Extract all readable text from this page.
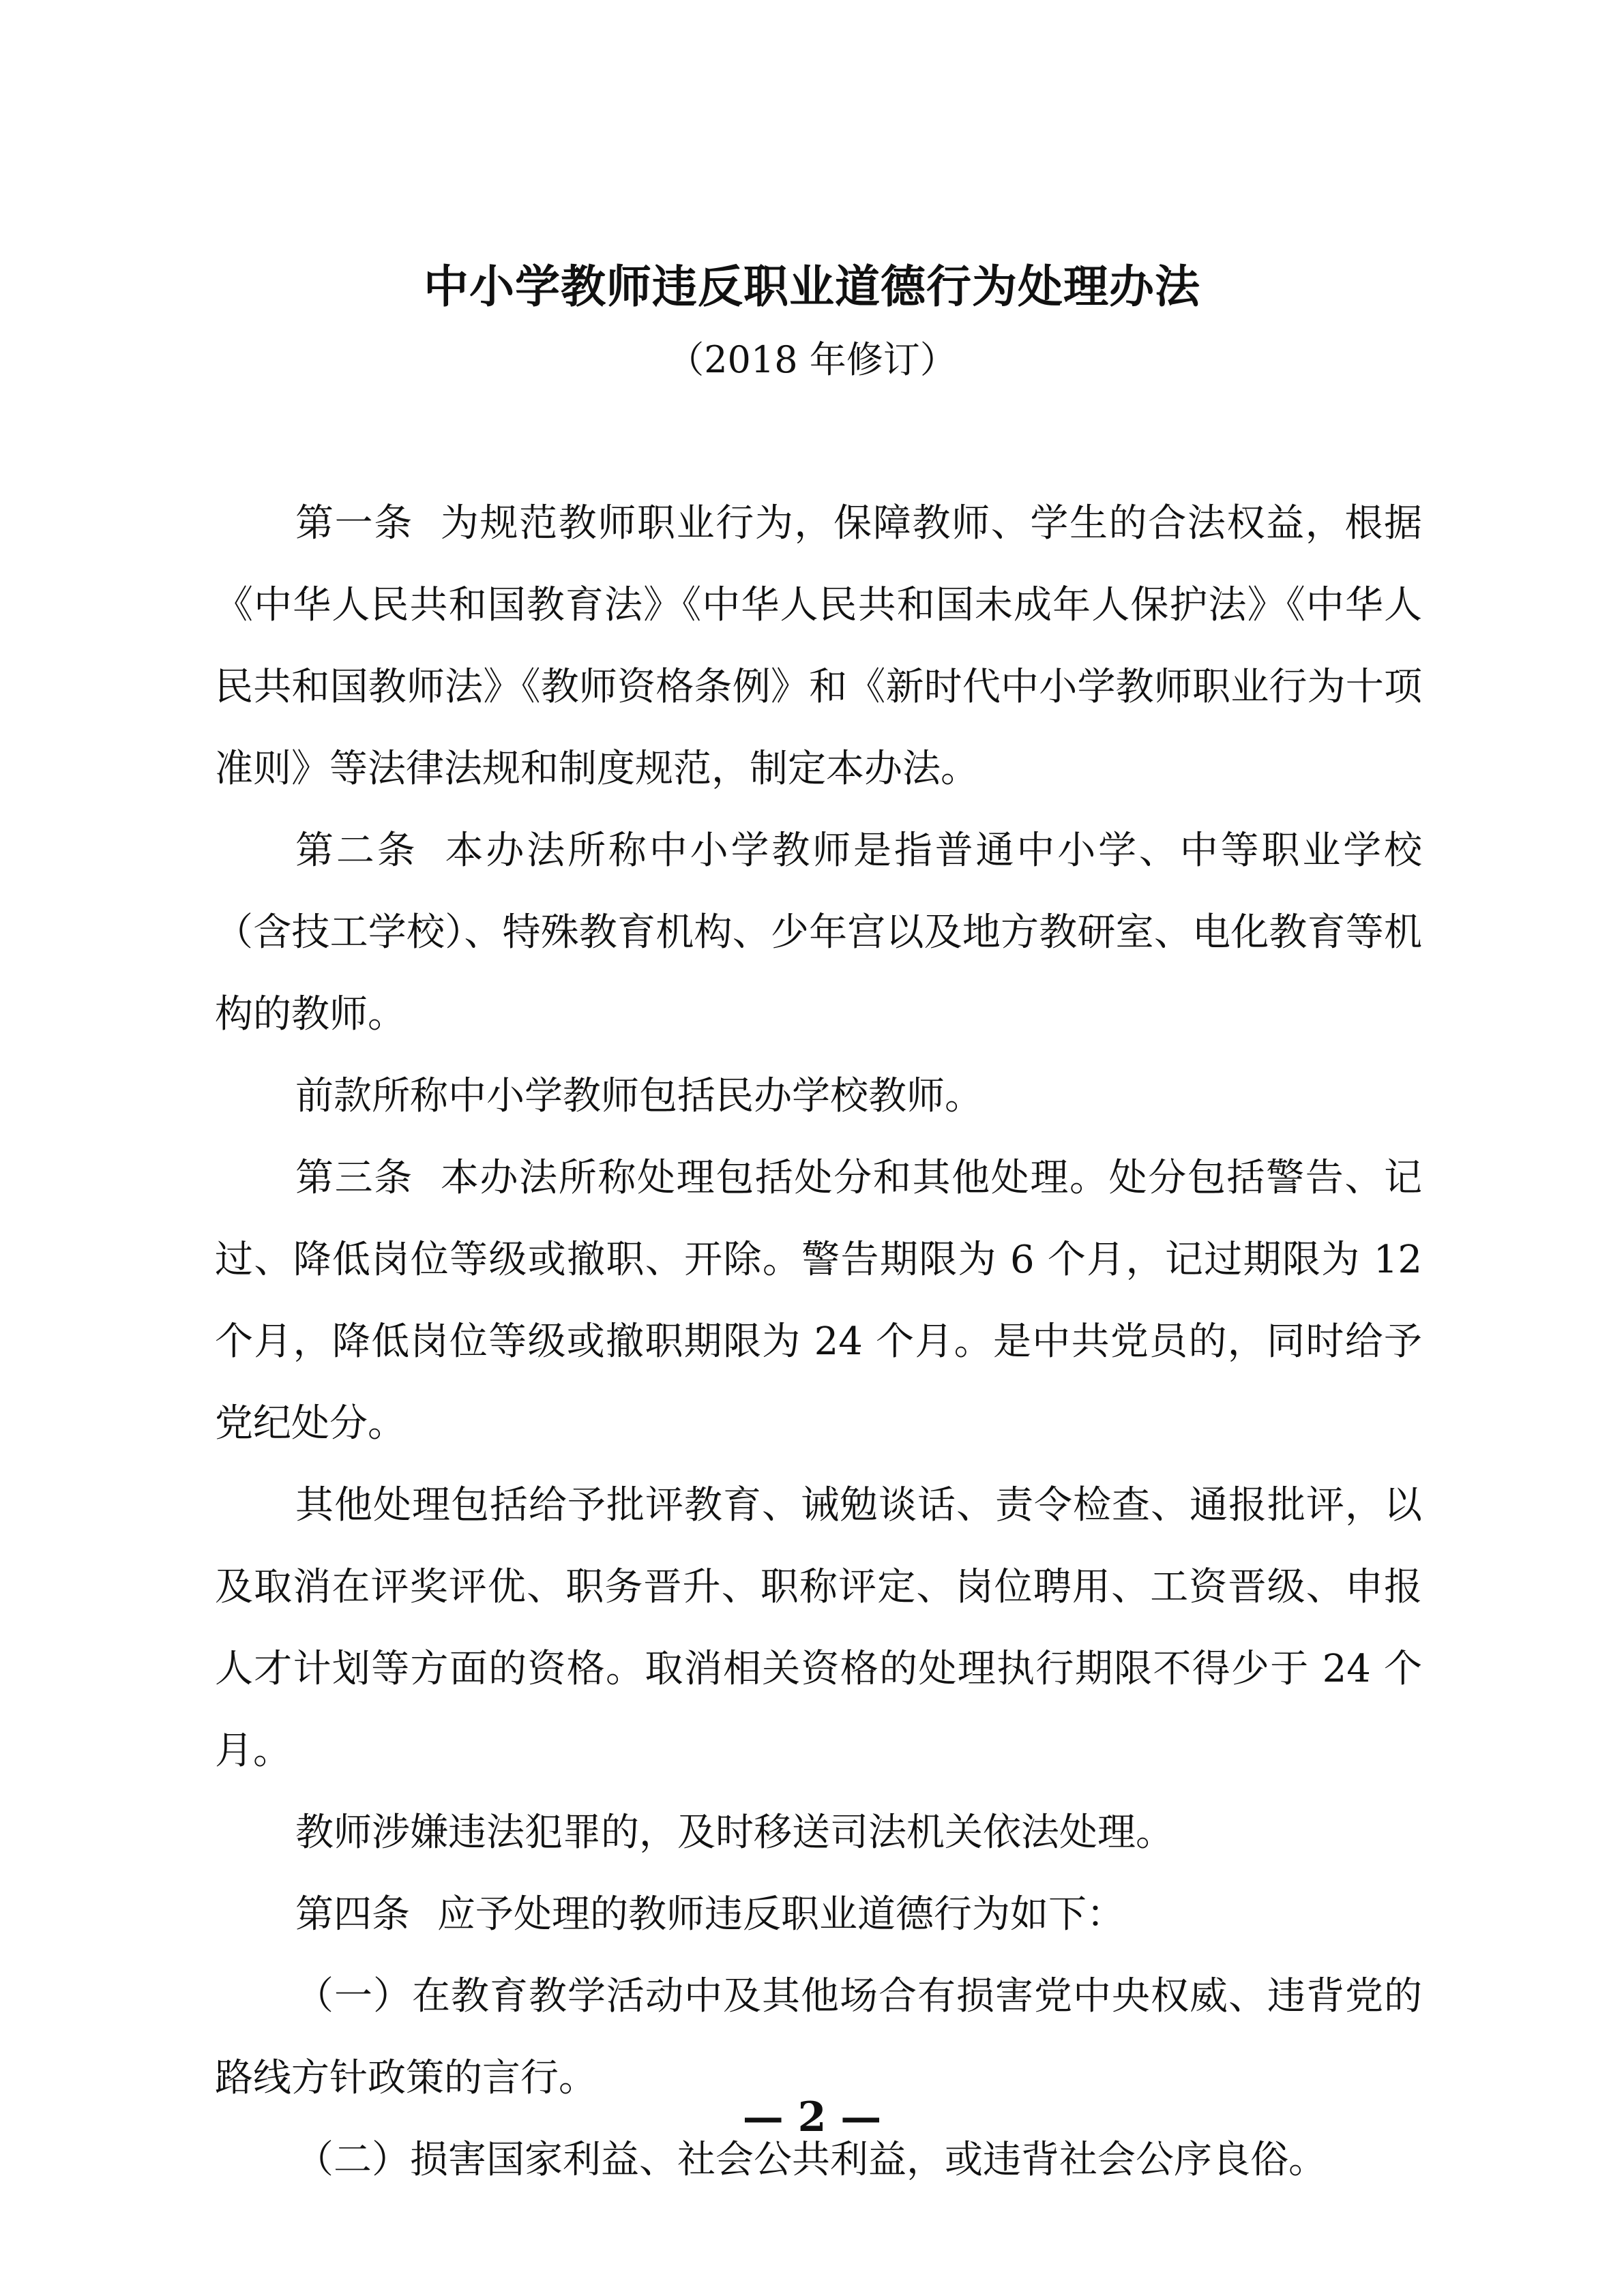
中小学教师违反职业道德行为处理办法
（2018 年修订）

第一条 为规范教师职业行为，保障教师、学生的合法权益，根据《中华人民共和国教育法》《中华人民共和国未成年人保护法》《中华人民共和国教师法》《教师资格条例》和《新时代中小学教师职业行为十项准则》等法律法规和制度规范，制定本办法。

第二条 本办法所称中小学教师是指普通中小学、中等职业学校（含技工学校）、特殊教育机构、少年宫以及地方教研室、电化教育等机构的教师。

前款所称中小学教师包括民办学校教师。

第三条 本办法所称处理包括处分和其他处理。处分包括警告、记过、降低岗位等级或撤职、开除。警告期限为 6 个月，记过期限为 12 个月，降低岗位等级或撤职期限为 24 个月。是中共党员的，同时给予党纪处分。

其他处理包括给予批评教育、诫勉谈话、责令检查、通报批评，以及取消在评奖评优、职务晋升、职称评定、岗位聘用、工资晋级、申报人才计划等方面的资格。取消相关资格的处理执行期限不得少于 24 个月。

教师涉嫌违法犯罪的，及时移送司法机关依法处理。

第四条 应予处理的教师违反职业道德行为如下：

（一）在教育教学活动中及其他场合有损害党中央权威、违背党的路线方针政策的言行。

（二）损害国家利益、社会公共利益，或违背社会公序良俗。

— 2 —
